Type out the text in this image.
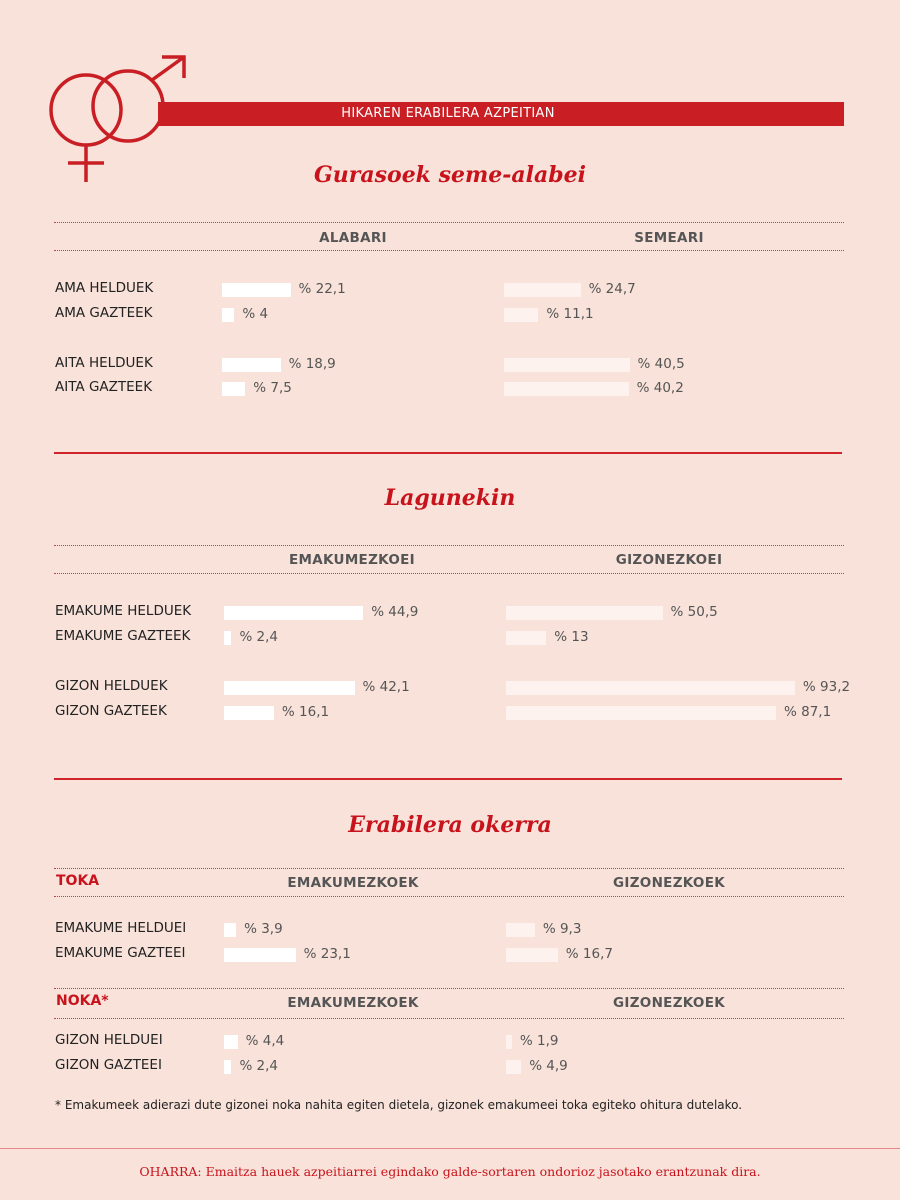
HIKAREN ERABILERA AZPEITIAN
Gurasoek seme-alabei
ALABARI	SEMEARI
AMA HELDUEK	% 22,1	% 24,7
AMA GAZTEEK	% 4	% 11,1
AITA HELDUEK	% 18,9	% 40,5
AITA GAZTEEK	% 7,5	% 40,2
Lagunekin
EMAKUMEZKOEI	GIZONEZKOEI
EMAKUME HELDUEK	% 44,9	% 50,5
EMAKUME GAZTEEK	% 2,4	% 13
GIZON HELDUEK	% 42,1	% 93,2
GIZON GAZTEEK	% 16,1	% 87,1
Erabilera okerra
TOKA	EMAKUMEZKOEK	GIZONEZKOEK
EMAKUME HELDUEI	% 3,9	% 9,3
EMAKUME GAZTEEI	% 23,1	% 16,7
NOKA*	EMAKUMEZKOEK	GIZONEZKOEK
GIZON HELDUEI	% 4,4	% 1,9
GIZON GAZTEEI	% 2,4	% 4,9
* Emakumeek adierazi dute gizonei noka nahita egiten dietela, gizonek emakumeei toka egiteko ohitura dutelako.
OHARRA: Emaitza hauek azpeitiarrei egindako galde-sortaren ondorioz jasotako erantzunak dira.
